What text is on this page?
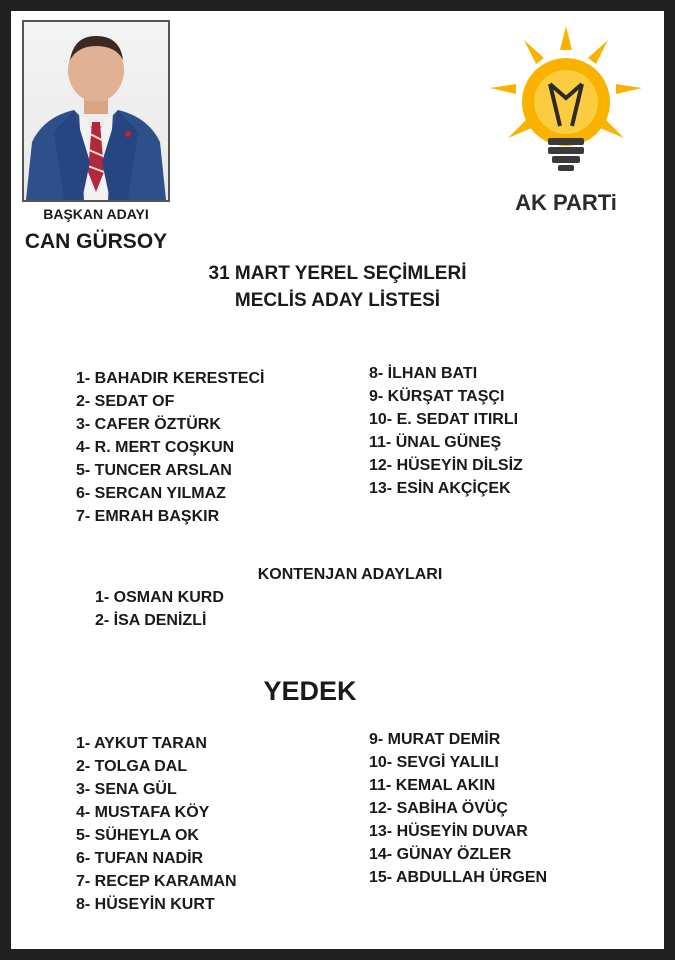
BAŞKAN ADAYI
CAN GÜRSOY
AK PARTi
31 MART YEREL SEÇİMLERİ
MECLİS ADAY LİSTESİ
1- BAHADIR KERESTECİ
2- SEDAT OF
3- CAFER ÖZTÜRK
4- R. MERT COŞKUN
5- TUNCER ARSLAN
6- SERCAN YILMAZ
7- EMRAH BAŞKIR
8- İLHAN BATI
9- KÜRŞAT TAŞÇI
10- E. SEDAT ITIRLI
11- ÜNAL GÜNEŞ
12- HÜSEYİN DİLSİZ
13- ESİN AKÇİÇEK
KONTENJAN ADAYLARI
1- OSMAN KURD
2- İSA DENİZLİ
YEDEK
1- AYKUT TARAN
2- TOLGA DAL
3- SENA GÜL
4- MUSTAFA KÖY
5- SÜHEYLA OK
6- TUFAN NADİR
7- RECEP KARAMAN
8- HÜSEYİN KURT
9- MURAT DEMİR
10- SEVGİ YALILI
11- KEMAL AKIN
12- SABİHA ÖVÜÇ
13- HÜSEYİN DUVAR
14- GÜNAY ÖZLER
15- ABDULLAH ÜRGEN
